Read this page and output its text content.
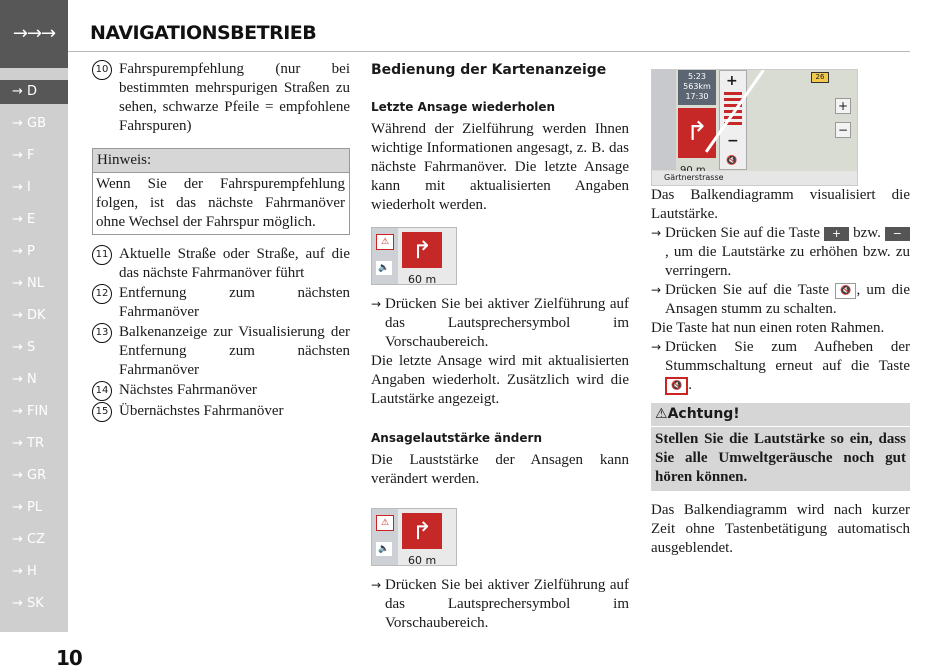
→→→
→ D
→ GB
→ F
→ I
→ E
→ P
→ NL
→ DK
→ S
→ N
→ FIN
→ TR
→ GR
→ PL
→ CZ
→ H
→ SK
NAVIGATIONSBETRIEB
10 Fahrspurempfehlung (nur bei bestimmten mehrspurigen Straßen zu sehen, schwarze Pfeile = empfohlene Fahrspuren)
Hinweis:
Wenn Sie der Fahrspurempfehlung folgen, ist das nächste Fahrmanöver ohne Wechsel der Fahrspur möglich.
11 Aktuelle Straße oder Straße, auf die das nächste Fahrmanöver führt
12 Entfernung zum nächsten Fahrmanöver
13 Balkenanzeige zur Visualisierung der Entfernung zum nächsten Fahrmanöver
14 Nächstes Fahrmanöver
15 Übernächstes Fahrmanöver
Bedienung der Kartenanzeige
Letzte Ansage wiederholen

Während der Zielführung werden Ihnen wichtige Informationen angesagt, z. B. das nächste Fahrmanöver. Die letzte Ansage kann mit aktualisierten Angaben wiederholt werden.

⚠
🔈
↱
60 m
→ Drücken Sie bei aktiver Zielführung auf das Lautsprechersymbol im Vorschaubereich.

Die letzte Ansage wird mit aktualisierten Angaben wiederholt. Zusätzlich wird die Lautstärke angezeigt.

Ansagelautstärke ändern

Die Lauststärke der Ansagen kann verändert werden.

⚠
🔈
↱
60 m
→ Drücken Sie bei aktiver Zielführung auf das Lautsprechersymbol im Vorschaubereich.
5:23
563km
17:30
↱
+
−
🔇
26
+
−
Gärtnerstrasse

Das Balkendiagramm visualisiert die Lautstärke.

→ Drücken Sie auf die Taste + bzw. −, um die Lautstärke zu erhöhen bzw. zu verringern.
→ Drücken Sie auf die Taste 🔇 , um die Ansagen stumm zu schalten.

Die Taste hat nun einen roten Rahmen.

→ Drücken Sie zum Aufheben der Stummschaltung erneut auf die Taste 🔇 .
⚠Achtung!
Stellen Sie die Lautstärke so ein, dass Sie alle Umweltgeräusche noch gut hören können.

Das Balkendiagramm wird nach kurzer Zeit ohne Tastenbetätigung automatisch ausgeblendet.

10
